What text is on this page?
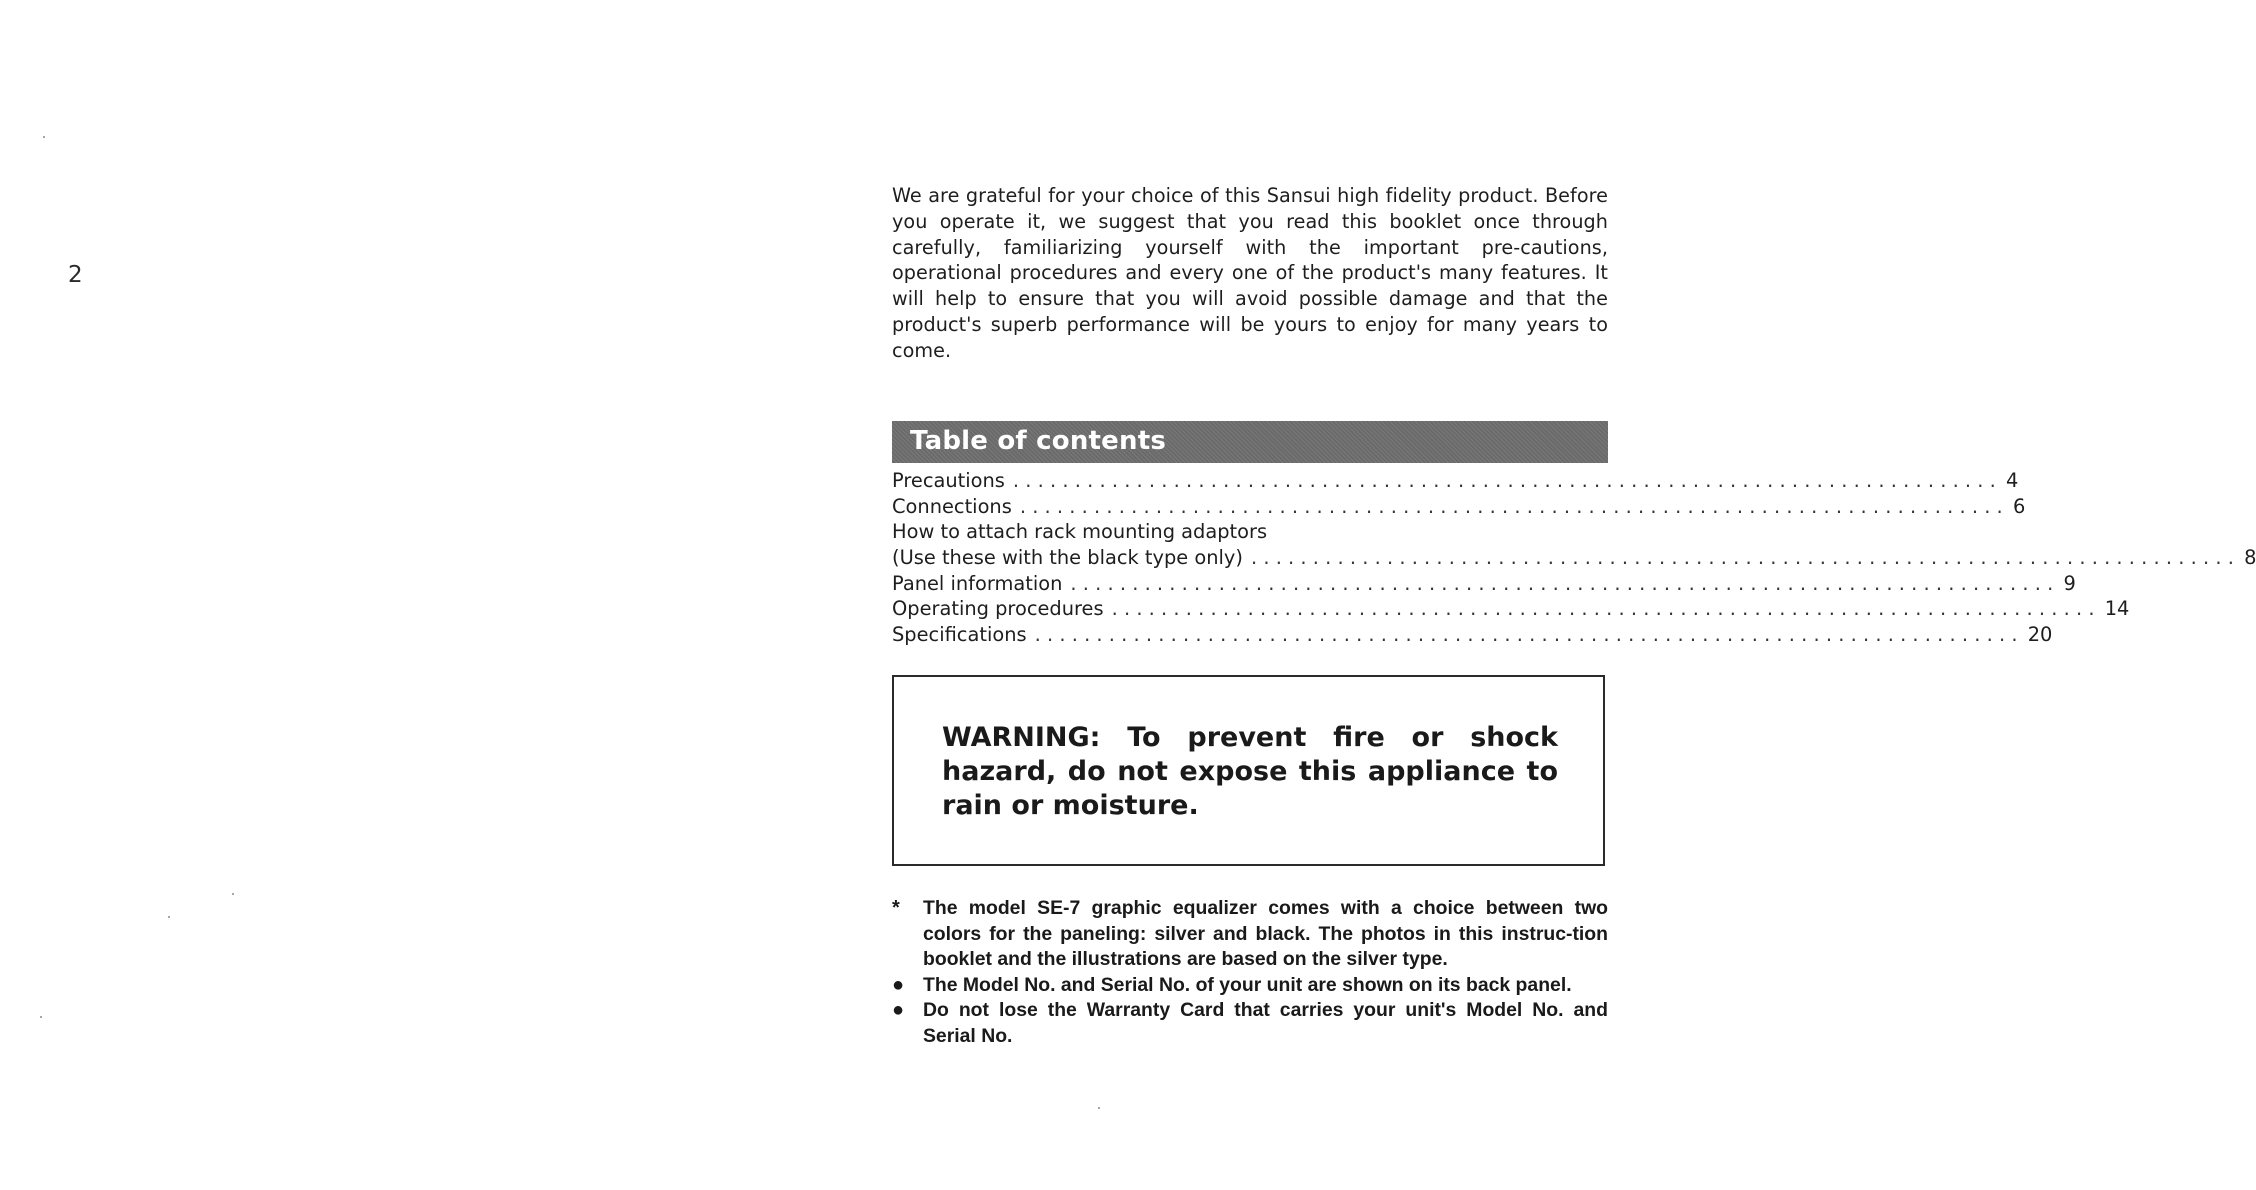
2

We are grateful for your choice of this Sansui high fidelity product. Before you operate it, we suggest that you read this booklet once through carefully, familiarizing yourself with the important pre-cautions, operational procedures and every one of the product's many features. It will help to ensure that you will avoid possible damage and that the product's superb performance will be yours to enjoy for many years to come.

Table of contents
Precautions ................................................................................ 4
Connections ................................................................................ 6
How to attach rack mounting adaptors
(Use these with the black type only) ................................................................................ 8
Panel information ................................................................................ 9
Operating procedures ................................................................................ 14
Specifications ................................................................................ 20

WARNING: To prevent fire or shock hazard, do not expose this appliance to rain or moisture.

*	The model SE-7 graphic equalizer comes with a choice between two colors for the paneling: silver and black. The photos in this instruc-tion booklet and the illustrations are based on the silver type.

● The Model No. and Serial No. of your unit are shown on its back panel.

● Do not lose the Warranty Card that carries your unit's Model No. and Serial No.
